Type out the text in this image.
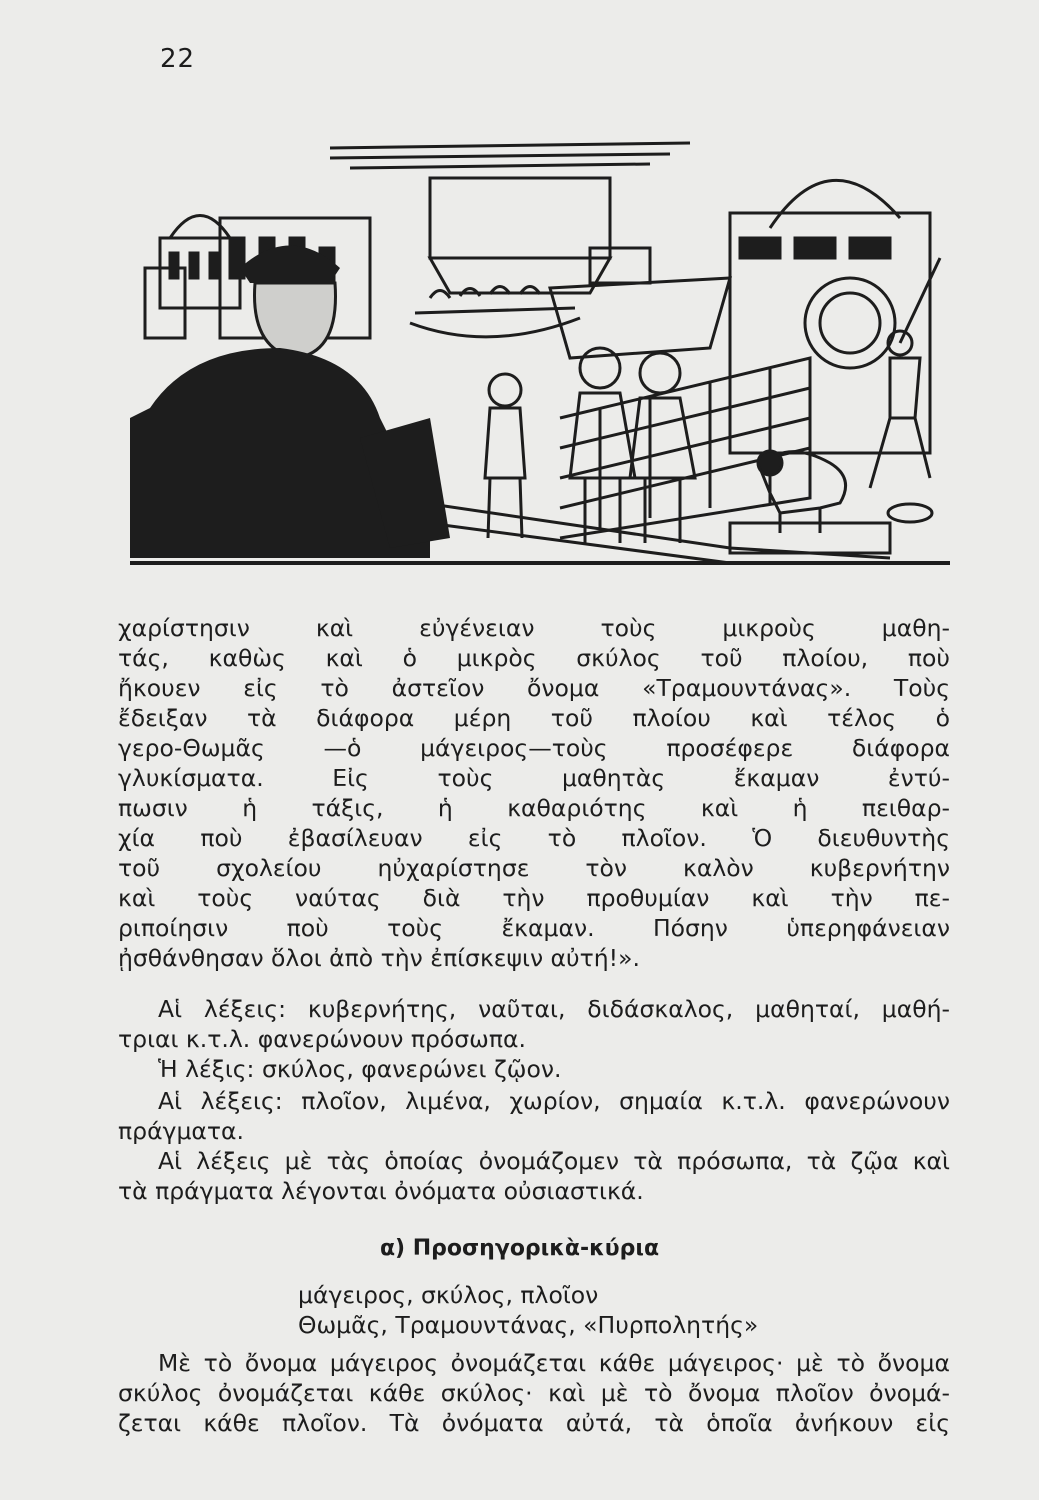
22
χαρίστησιν καὶ εὐγένειαν τοὺς μικροὺς μαθη-
τάς, καθὼς καὶ ὁ μικρὸς σκύλος τοῦ πλοίου, ποὺ
ἤκουεν εἰς τὸ ἀστεῖον ὄνομα «Τραμουντάνας». Τοὺς
ἔδειξαν τὰ διάφορα μέρη τοῦ πλοίου καὶ τέλος ὁ
γερο-Θωμᾶς —ὁ μάγειρος—τοὺς προσέφερε διάφορα
γλυκίσματα. Εἰς τοὺς μαθητὰς ἔκαμαν ἐντύ-
πωσιν ἡ τάξις, ἡ καθαριότης καὶ ἡ πειθαρ-
χία ποὺ ἐβασίλευαν εἰς τὸ πλοῖον. Ὁ διευθυντὴς
τοῦ σχολείου ηὐχαρίστησε τὸν καλὸν κυβερνήτην
καὶ τοὺς ναύτας διὰ τὴν προθυμίαν καὶ τὴν πε-
ριποίησιν ποὺ τοὺς ἔκαμαν. Πόσην ὑπερηφάνειαν
ᾐσθάνθησαν ὅλοι ἀπὸ τὴν ἐπίσκεψιν αὐτή!».
Αἱ λέξεις: κυβερνήτης, ναῦται, διδάσκαλος, μαθηταί, μαθή-
τριαι κ.τ.λ. φανερώνουν πρόσωπα.
Ἡ λέξις: σκύλος, φανερώνει ζῷον.
Αἱ λέξεις: πλοῖον, λιμένα, χωρίον, σημαία κ.τ.λ. φανερώνουν
πράγματα.
Αἱ λέξεις μὲ τὰς ὁποίας ὀνομάζομεν τὰ πρόσωπα, τὰ ζῷα καὶ
τὰ πράγματα λέγονται ὀνόματα οὐσιαστικά.
α) Προσηγορικὰ-κύρια
μάγειρος, σκύλος, πλοῖον
Θωμᾶς, Τραμουντάνας, «Πυρπολητής»
Μὲ τὸ ὄνομα μάγειρος ὀνομάζεται κάθε μάγειρος· μὲ τὸ ὄνομα
σκύλος ὀνομάζεται κάθε σκύλος· καὶ μὲ τὸ ὄνομα πλοῖον ὀνομά-
ζεται κάθε πλοῖον. Τὰ ὀνόματα αὐτά, τὰ ὁποῖα ἀνήκουν εἰς
